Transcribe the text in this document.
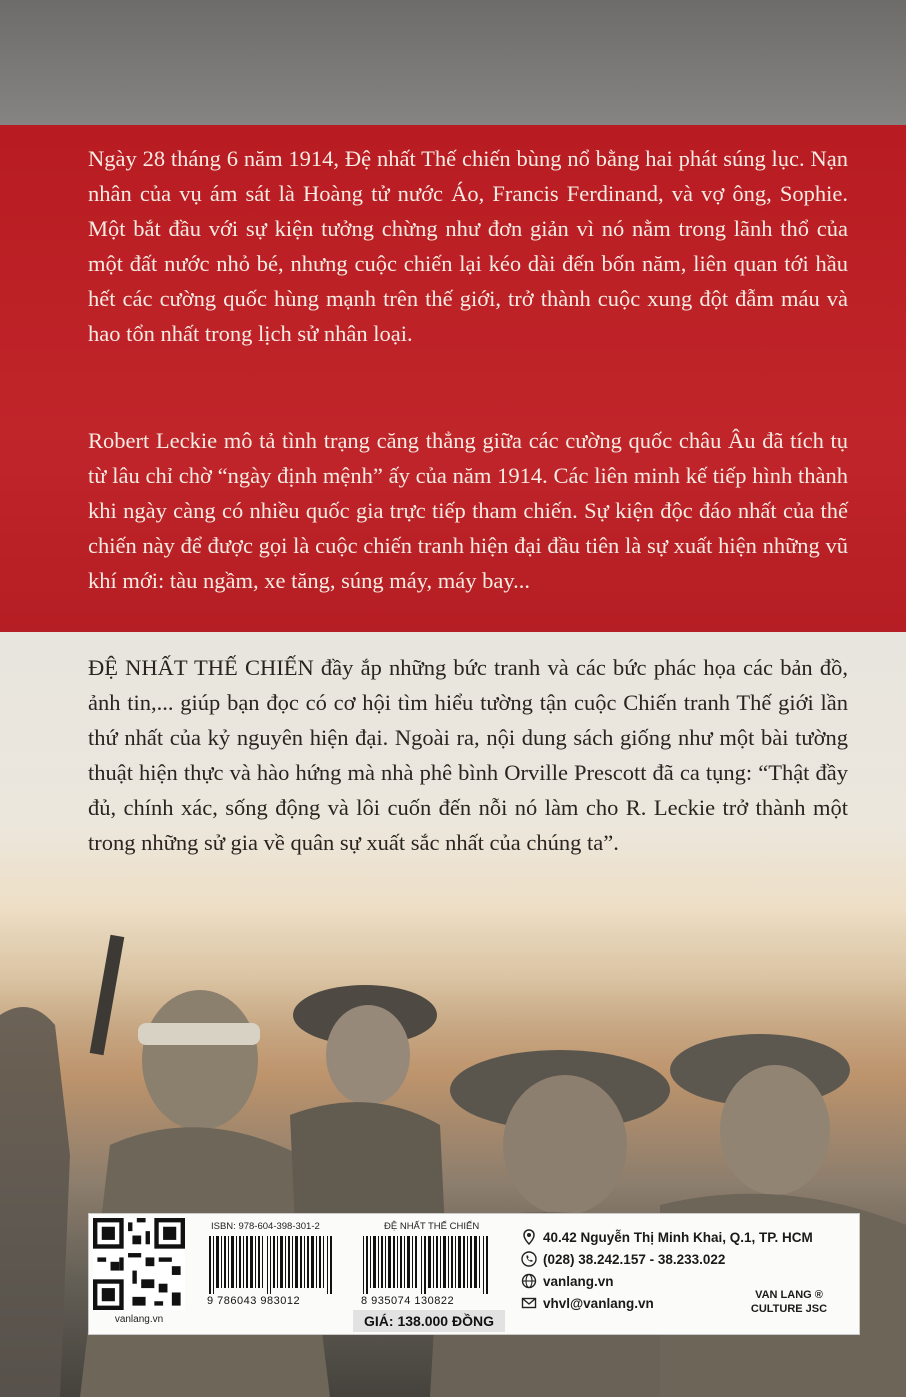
Ngày 28 tháng 6 năm 1914, Đệ nhất Thế chiến bùng nổ bằng hai phát súng lục. Nạn nhân của vụ ám sát là Hoàng tử nước Áo, Francis Ferdinand, và vợ ông, Sophie. Một bắt đầu với sự kiện tưởng chừng như đơn giản vì nó nằm trong lãnh thổ của một đất nước nhỏ bé, nhưng cuộc chiến lại kéo dài đến bốn năm, liên quan tới hầu hết các cường quốc hùng mạnh trên thế giới, trở thành cuộc xung đột đẫm máu và hao tổn nhất trong lịch sử nhân loại.

Robert Leckie mô tả tình trạng căng thẳng giữa các cường quốc châu Âu đã tích tụ từ lâu chỉ chờ “ngày định mệnh” ấy của năm 1914. Các liên minh kế tiếp hình thành khi ngày càng có nhiều quốc gia trực tiếp tham chiến. Sự kiện độc đáo nhất của thế chiến này để được gọi là cuộc chiến tranh hiện đại đầu tiên là sự xuất hiện những vũ khí mới: tàu ngầm, xe tăng, súng máy, máy bay...

ĐỆ NHẤT THẾ CHIẾN đầy ắp những bức tranh và các bức phác họa các bản đồ, ảnh tin,... giúp bạn đọc có cơ hội tìm hiểu tường tận cuộc Chiến tranh Thế giới lần thứ nhất của kỷ nguyên hiện đại. Ngoài ra, nội dung sách giống như một bài tường thuật hiện thực và hào hứng mà nhà phê bình Orville Prescott đã ca tụng: “Thật đầy đủ, chính xác, sống động và lôi cuốn đến nỗi nó làm cho R. Leckie trở thành một trong những sử gia về quân sự xuất sắc nhất của chúng ta”.

vanlang.vn
ISBN: 978-604-398-301-2
9 786043 983012
ĐỆ NHẤT THẾ CHIẾN
8 935074 130822
GIÁ: 138.000 ĐỒNG
40.42 Nguyễn Thị Minh Khai, Q.1, TP. HCM
(028) 38.242.157 - 38.233.022
vanlang.vn
vhvl@vanlang.vn
VAN LANG ®
CULTURE JSC
